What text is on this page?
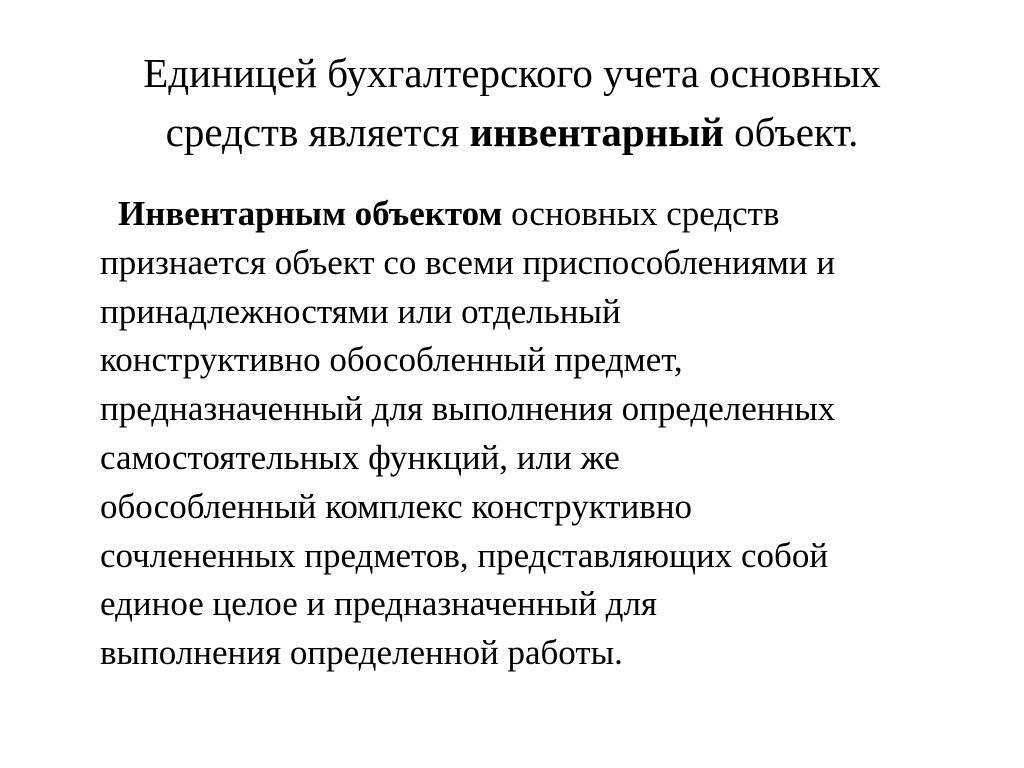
Единицей бухгалтерского учета основных
средств является инвентарный объект.
Инвентарным объектом основных средств
признается объект со всеми приспособлениями и
принадлежностями или отдельный
конструктивно обособленный предмет,
предназначенный для выполнения определенных
самостоятельных функций, или же
обособленный комплекс конструктивно
сочлененных предметов, представляющих собой
единое целое и предназначенный для
выполнения определенной работы.
